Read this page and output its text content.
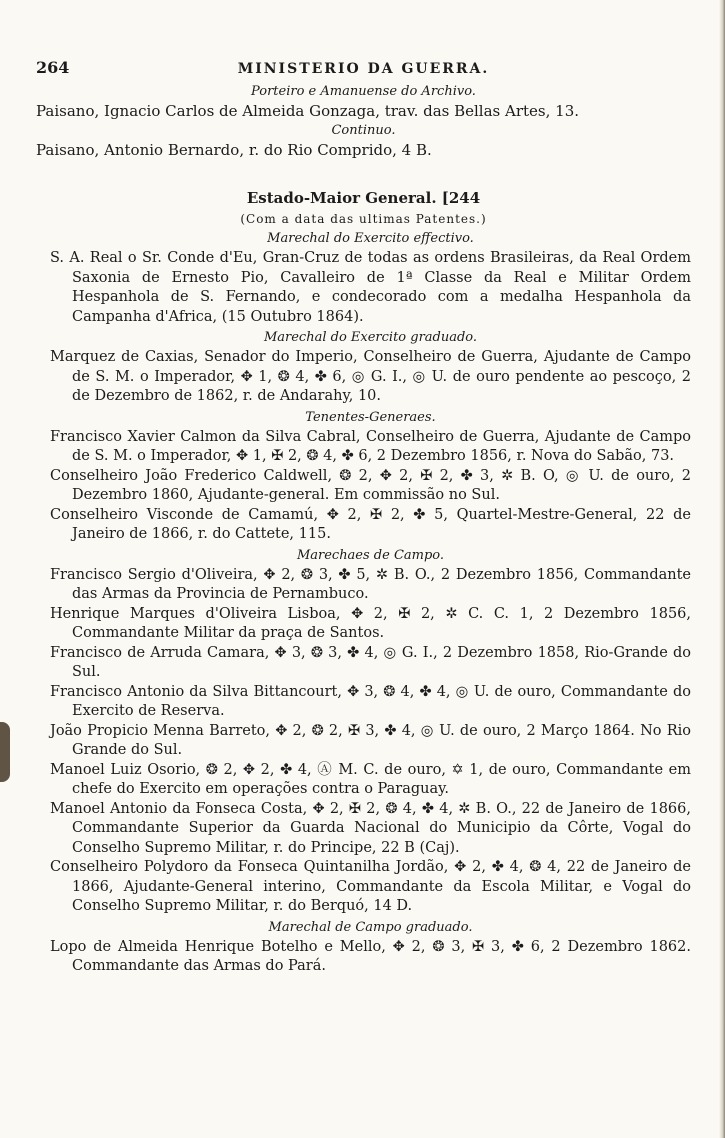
264	MINISTERIO DA GUERRA.
Porteiro e Amanuense do Archivo.
Paisano, Ignacio Carlos de Almeida Gonzaga, trav. das Bellas Artes, 13.
Continuo.
Paisano, Antonio Bernardo, r. do Rio Comprido, 4 B.
Estado-Maior General. [244
(Com a data das ultimas Patentes.)
Marechal do Exercito effectivo.
S. A. Real o Sr. Conde d'Eu, Gran-Cruz de todas as ordens Brasileiras, da Real Ordem Saxonia de Ernesto Pio, Cavalleiro de 1ª Classe da Real e Militar Ordem Hespanhola de S. Fernando, e condecorado com a medalha Hespanhola da Campanha d'Africa, (15 Outubro 1864).
Marechal do Exercito graduado.
Marquez de Caxias, Senador do Imperio, Conselheiro de Guerra, Ajudante de Campo de S. M. o Imperador, ✥ 1, ❂ 4, ✤ 6, ◎ G. I., ◎ U. de ouro pendente ao pescoço, 2 de Dezembro de 1862, r. de Andarahy, 10.
Tenentes-Generaes.
Francisco Xavier Calmon da Silva Cabral, Conselheiro de Guerra, Ajudante de Campo de S. M. o Imperador, ✥ 1, ✠ 2, ❂ 4, ✤ 6, 2 Dezembro 1856, r. Nova do Sabão, 73.
Conselheiro João Frederico Caldwell, ❂ 2, ✥ 2, ✠ 2, ✤ 3, ✲ B. O, ◎ U. de ouro, 2 Dezembro 1860, Ajudante-general. Em commissão no Sul.
Conselheiro Visconde de Camamú, ✥ 2, ✠ 2, ✤ 5, Quartel-Mestre-General, 22 de Janeiro de 1866, r. do Cattete, 115.
Marechaes de Campo.
Francisco Sergio d'Oliveira, ✥ 2, ❂ 3, ✤ 5, ✲ B. O., 2 Dezembro 1856, Commandante das Armas da Provincia de Pernambuco.
Henrique Marques d'Oliveira Lisboa, ✥ 2, ✠ 2, ✲ C. C. 1, 2 Dezembro 1856, Commandante Militar da praça de Santos.
Francisco de Arruda Camara, ✥ 3, ❂ 3, ✤ 4, ◎ G. I., 2 Dezembro 1858, Rio-Grande do Sul.
Francisco Antonio da Silva Bittancourt, ✥ 3, ❂ 4, ✤ 4, ◎ U. de ouro, Commandante do Exercito de Reserva.
João Propicio Menna Barreto, ✥ 2, ❂ 2, ✠ 3, ✤ 4, ◎ U. de ouro, 2 Março 1864. No Rio Grande do Sul.
Manoel Luiz Osorio, ❂ 2, ✥ 2, ✤ 4, Ⓐ M. C. de ouro, ✡ 1, de ouro, Commandante em chefe do Exercito em operações contra o Paraguay.
Manoel Antonio da Fonseca Costa, ✥ 2, ✠ 2, ❂ 4, ✤ 4, ✲ B. O., 22 de Janeiro de 1866, Commandante Superior da Guarda Nacional do Municipio da Côrte, Vogal do Conselho Supremo Militar, r. do Principe, 22 B (Caj).
Conselheiro Polydoro da Fonseca Quintanilha Jordão, ✥ 2, ✤ 4, ❂ 4, 22 de Janeiro de 1866, Ajudante-General interino, Commandante da Escola Militar, e Vogal do Conselho Supremo Militar, r. do Berquó, 14 D.
Marechal de Campo graduado.
Lopo de Almeida Henrique Botelho e Mello, ✥ 2, ❂ 3, ✠ 3, ✤ 6, 2 Dezembro 1862. Commandante das Armas do Pará.
